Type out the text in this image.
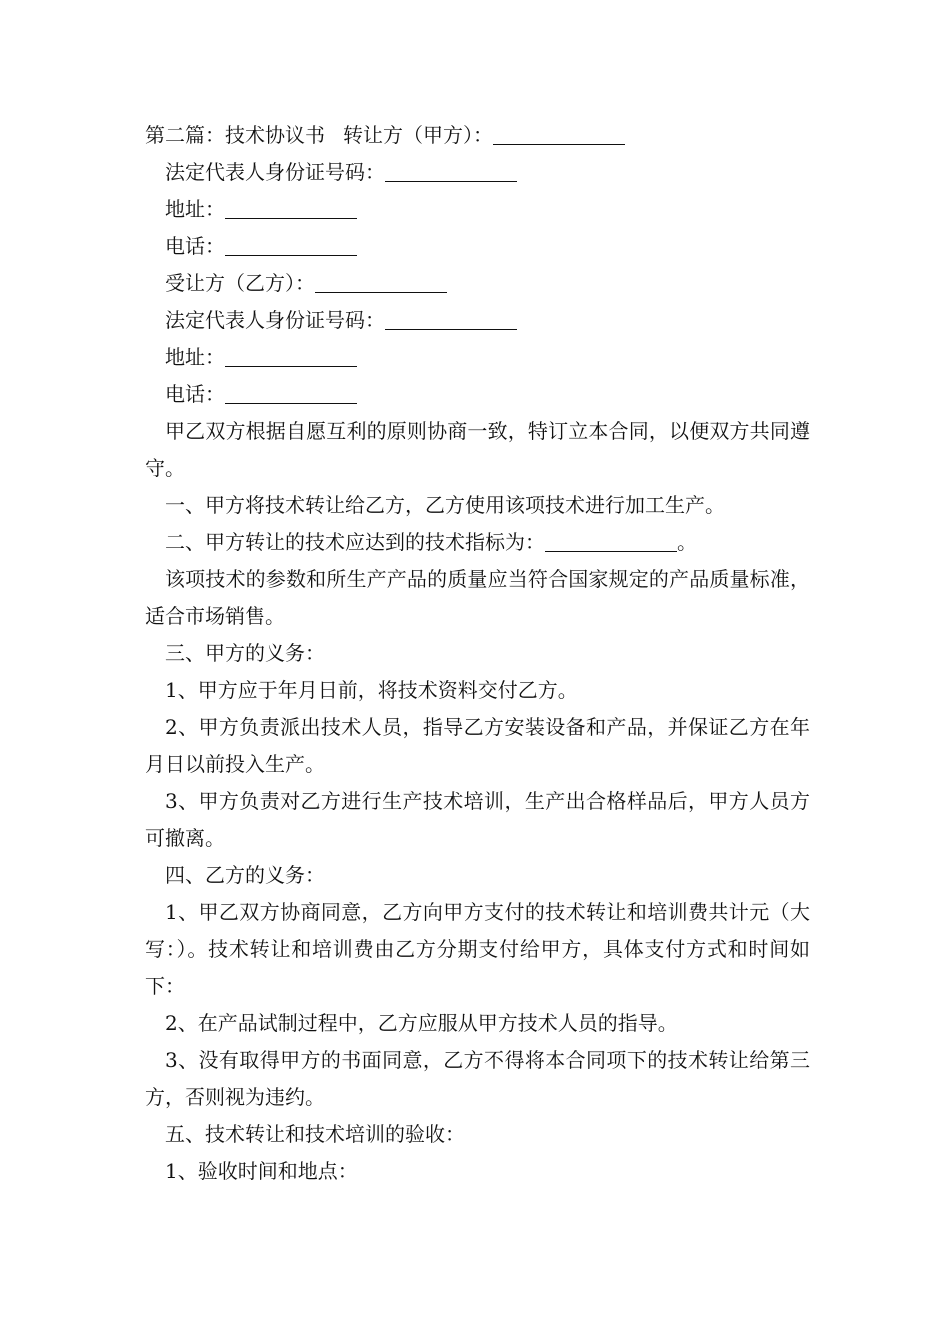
第二篇：技术协议书 转让方（甲方）：
法定代表人身份证号码：
地址：
电话：
受让方（乙方）：
法定代表人身份证号码：
地址：
电话：
甲乙双方根据自愿互利的原则协商一致，特订立本合同，以便双方共同遵守。
一、甲方将技术转让给乙方，乙方使用该项技术进行加工生产。
二、甲方转让的技术应达到的技术指标为：	。
该项技术的参数和所生产产品的质量应当符合国家规定的产品质量标准，适合市场销售。
三、甲方的义务：
1、甲方应于年月日前，将技术资料交付乙方。
2、甲方负责派出技术人员，指导乙方安装设备和产品，并保证乙方在年月日以前投入生产。
3、甲方负责对乙方进行生产技术培训，生产出合格样品后，甲方人员方可撤离。
四、乙方的义务：
1、甲乙双方协商同意，乙方向甲方支付的技术转让和培训费共计元（大写：）。技术转让和培训费由乙方分期支付给甲方，具体支付方式和时间如下：
2、在产品试制过程中，乙方应服从甲方技术人员的指导。
3、没有取得甲方的书面同意，乙方不得将本合同项下的技术转让给第三方，否则视为违约。
五、技术转让和技术培训的验收：
1、验收时间和地点：
